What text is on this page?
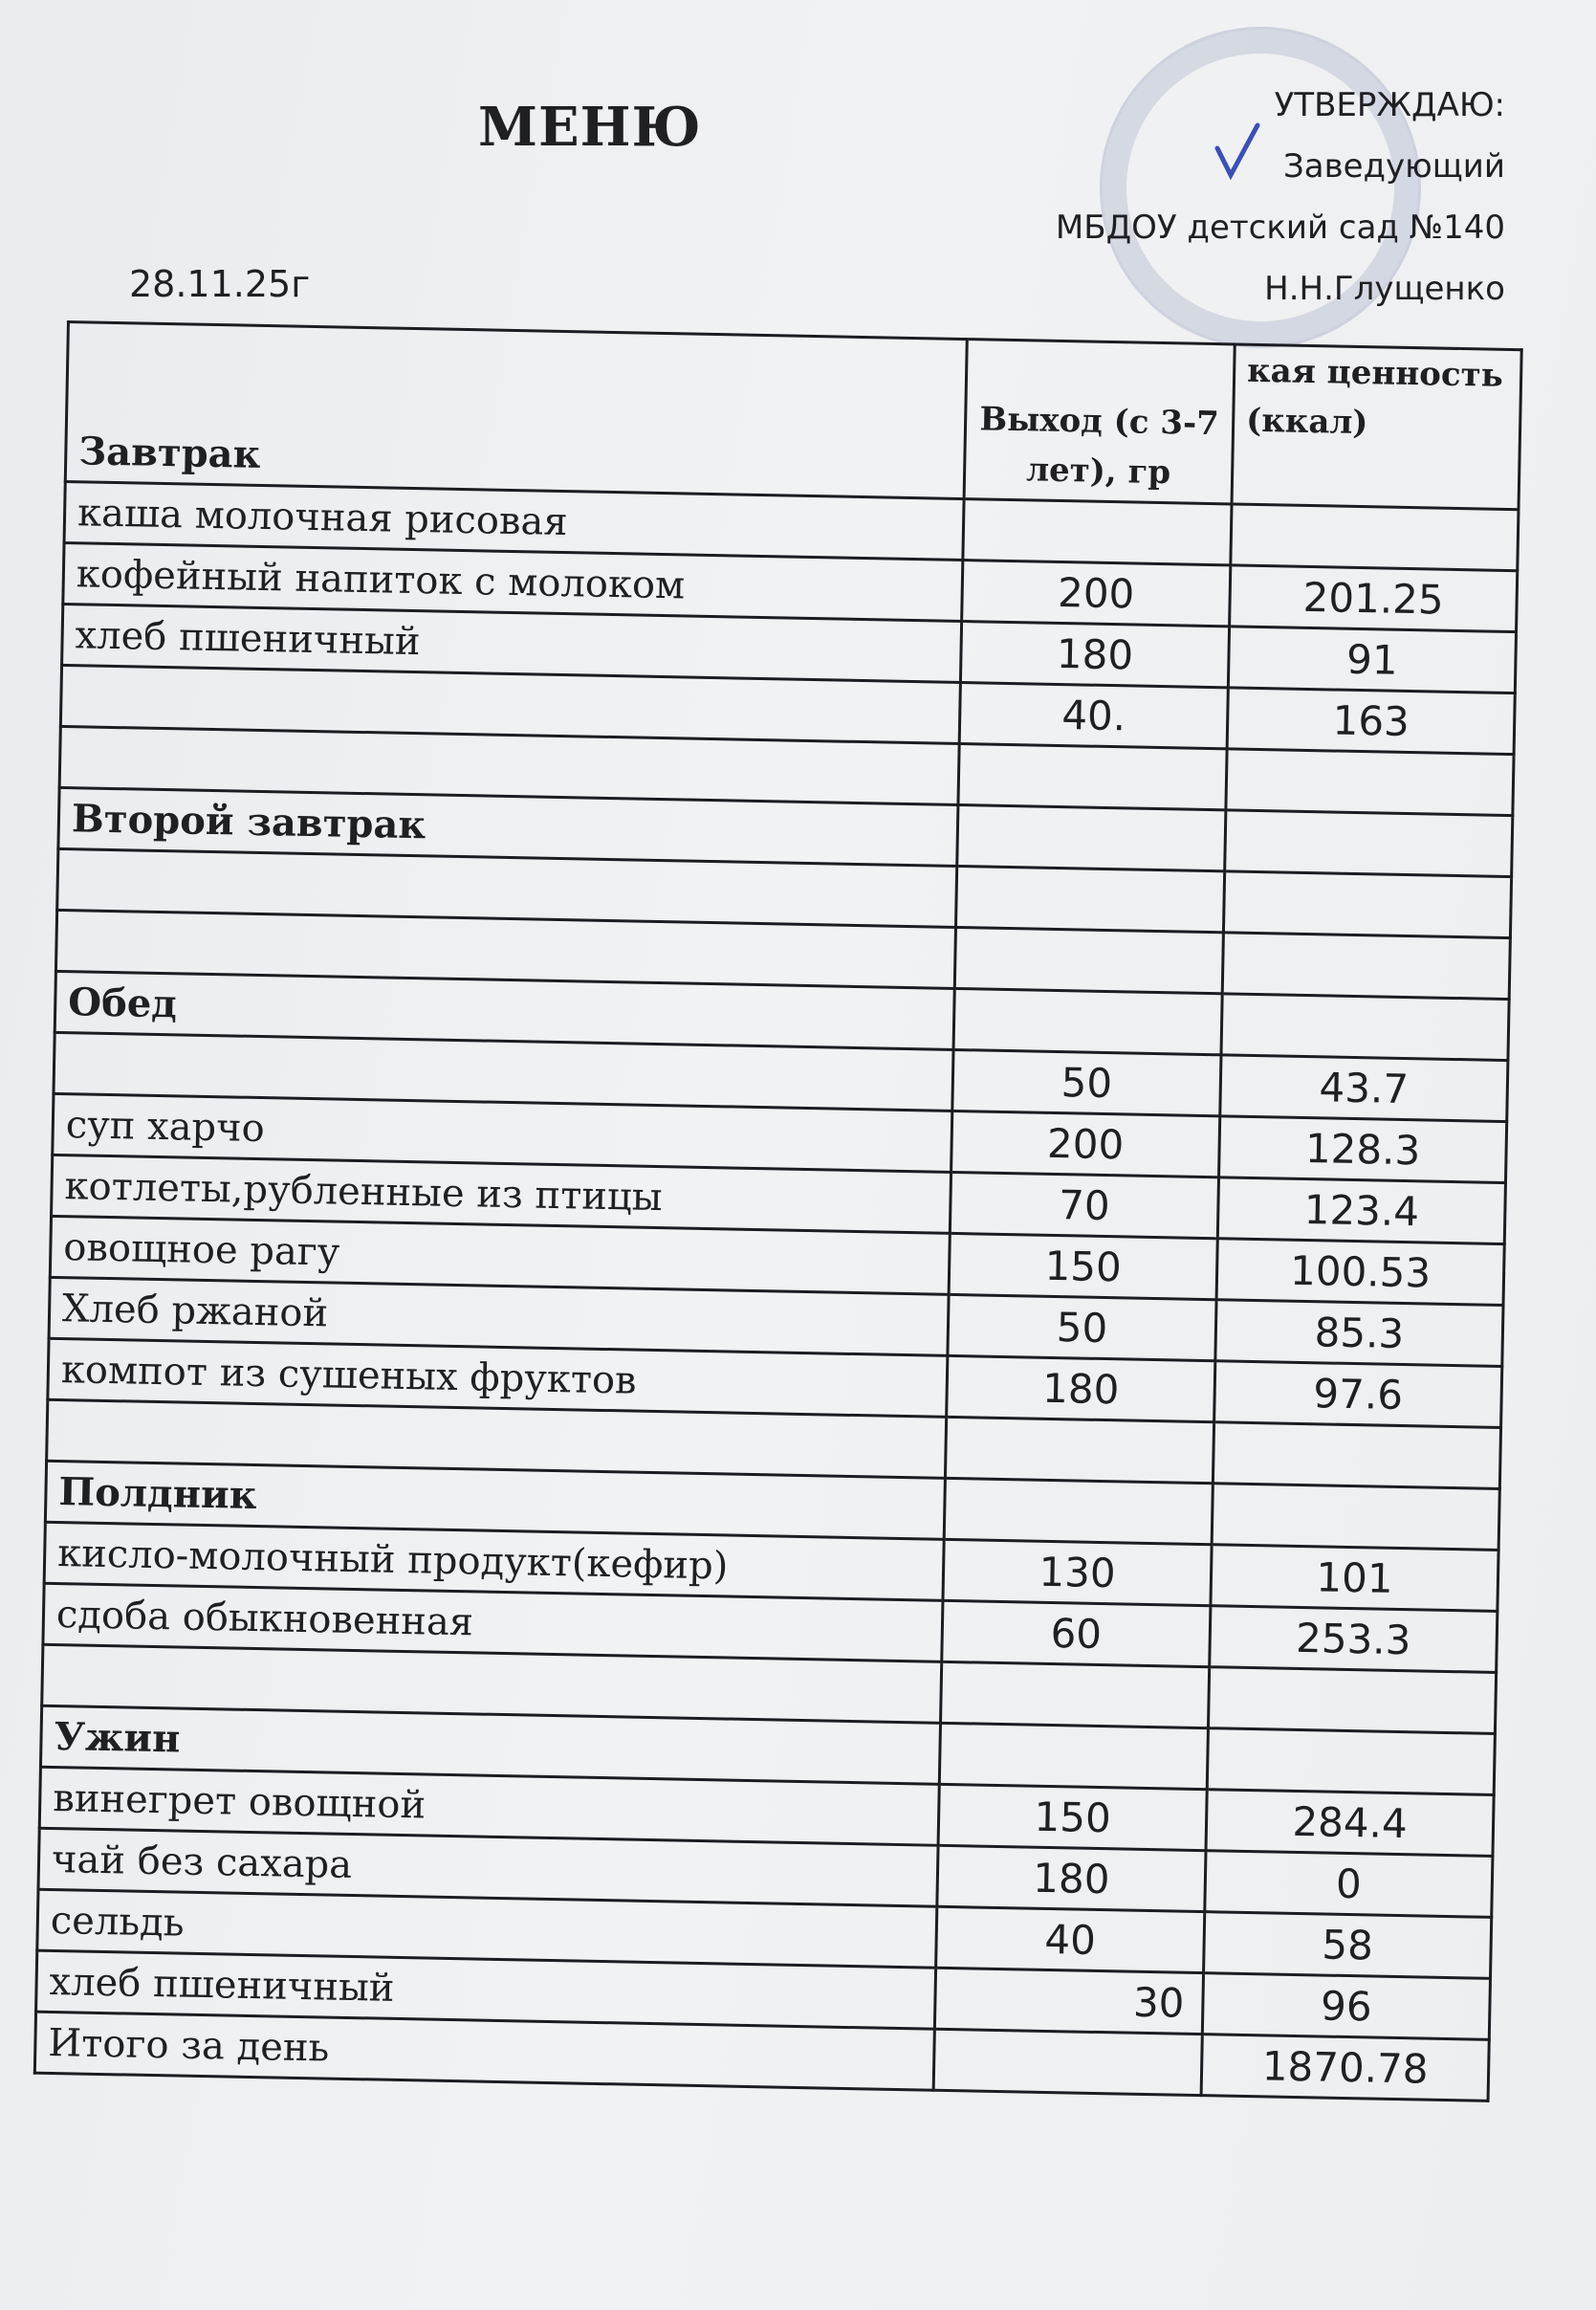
МЕНЮ	УТВЕРЖДАЮ:
Заведующий
МБДОУ детский сад №140
Н.Н.Глущенко
28.11.25г
Завтрак	Выход (с 3-7 лет), гр	кая ценность (ккал)
каша молочная рисовая		
кофейный напиток с молоком	200	201.25
хлеб пшеничный	180	91
	40.	163

Второй завтрак		

Обед		
	50	43.7
суп харчо	200	128.3
котлеты,рубленные из птицы	70	123.4
овощное рагу	150	100.53
Хлеб ржаной	50	85.3
компот из сушеных фруктов	180	97.6

Полдник		
кисло-молочный продукт(кефир)	130	101
сдоба обыкновенная	60	253.3

Ужин		
винегрет овощной	150	284.4
чай без сахара	180	0
сельдь	40	58
хлеб пшеничный	30	96
Итого за день		1870.78
